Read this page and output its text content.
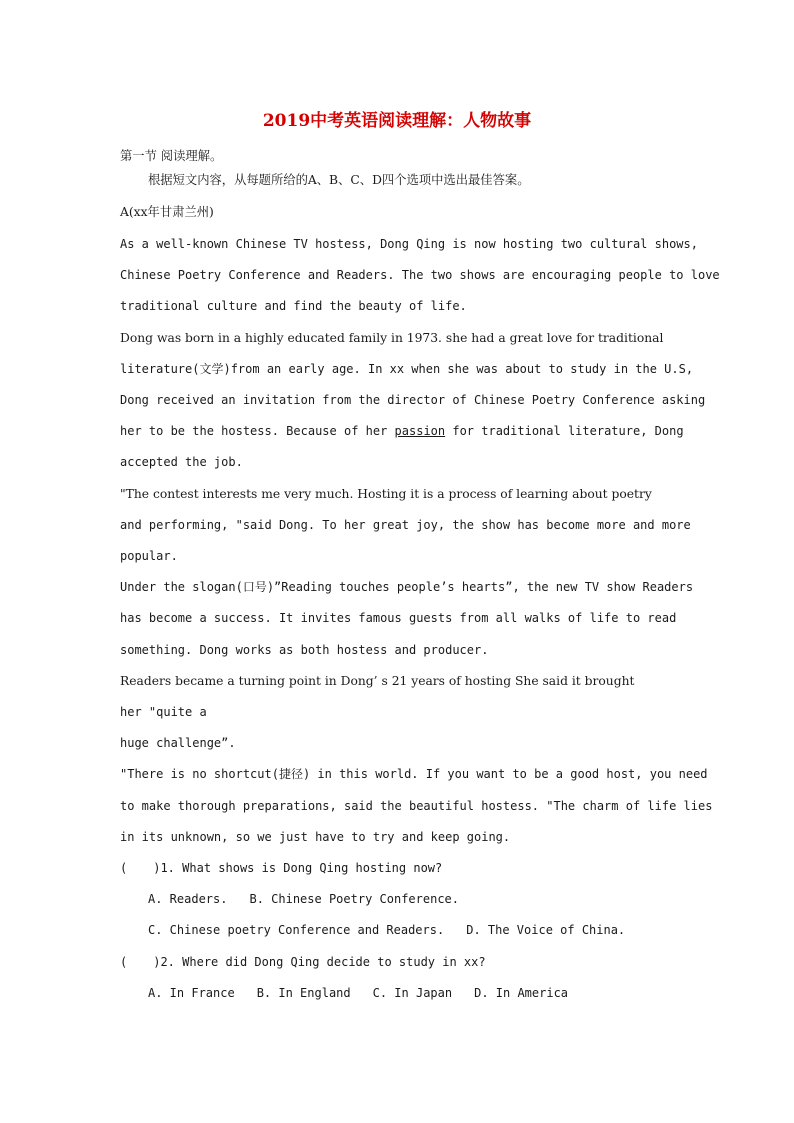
2019中考英语阅读理解：人物故事
第一节 阅读理解。
根据短文内容，从每题所给的A、B、C、D四个选项中选出最佳答案。
A(xx年甘肃兰州)
As a well-known Chinese TV hostess, Dong Qing is now hosting two cultural shows,
Chinese Poetry Conference and Readers. The two shows are encouraging people to love
traditional culture and find the beauty of life.
Dong was born in a highly educated family in 1973. she had a great love for traditional
literature(文学)from an early age. In xx when she was about to study in the U.S,
Dong received an invitation from the director of Chinese Poetry Conference asking
her to be the hostess. Because of her passion for traditional literature, Dong
accepted the job.
"The contest interests me very much. Hosting it is a process of learning about poetry
and performing, "said Dong. To her great joy, the show has become more and more
popular.
Under the slogan(口号)”Reading touches people’s hearts”, the new TV show Readers
has become a success. It invites famous guests from all walks of life to read
something. Dong works as both hostess and producer.
Readers became a turning point in Dong’ s 21 years of hosting She said it brought
her "quite a
huge challenge”.
"There is no shortcut(捷径) in this world. If you want to be a good host, you need
to make thorough preparations, said the beautiful hostess. "The charm of life lies
in its unknown, so we just have to try and keep going.
( )1. What shows is Dong Qing hosting now?
A. Readers. B. Chinese Poetry Conference.
C. Chinese poetry Conference and Readers. D. The Voice of China.
( )2. Where did Dong Qing decide to study in xx?
A. In France B. In England C. In Japan D. In America
